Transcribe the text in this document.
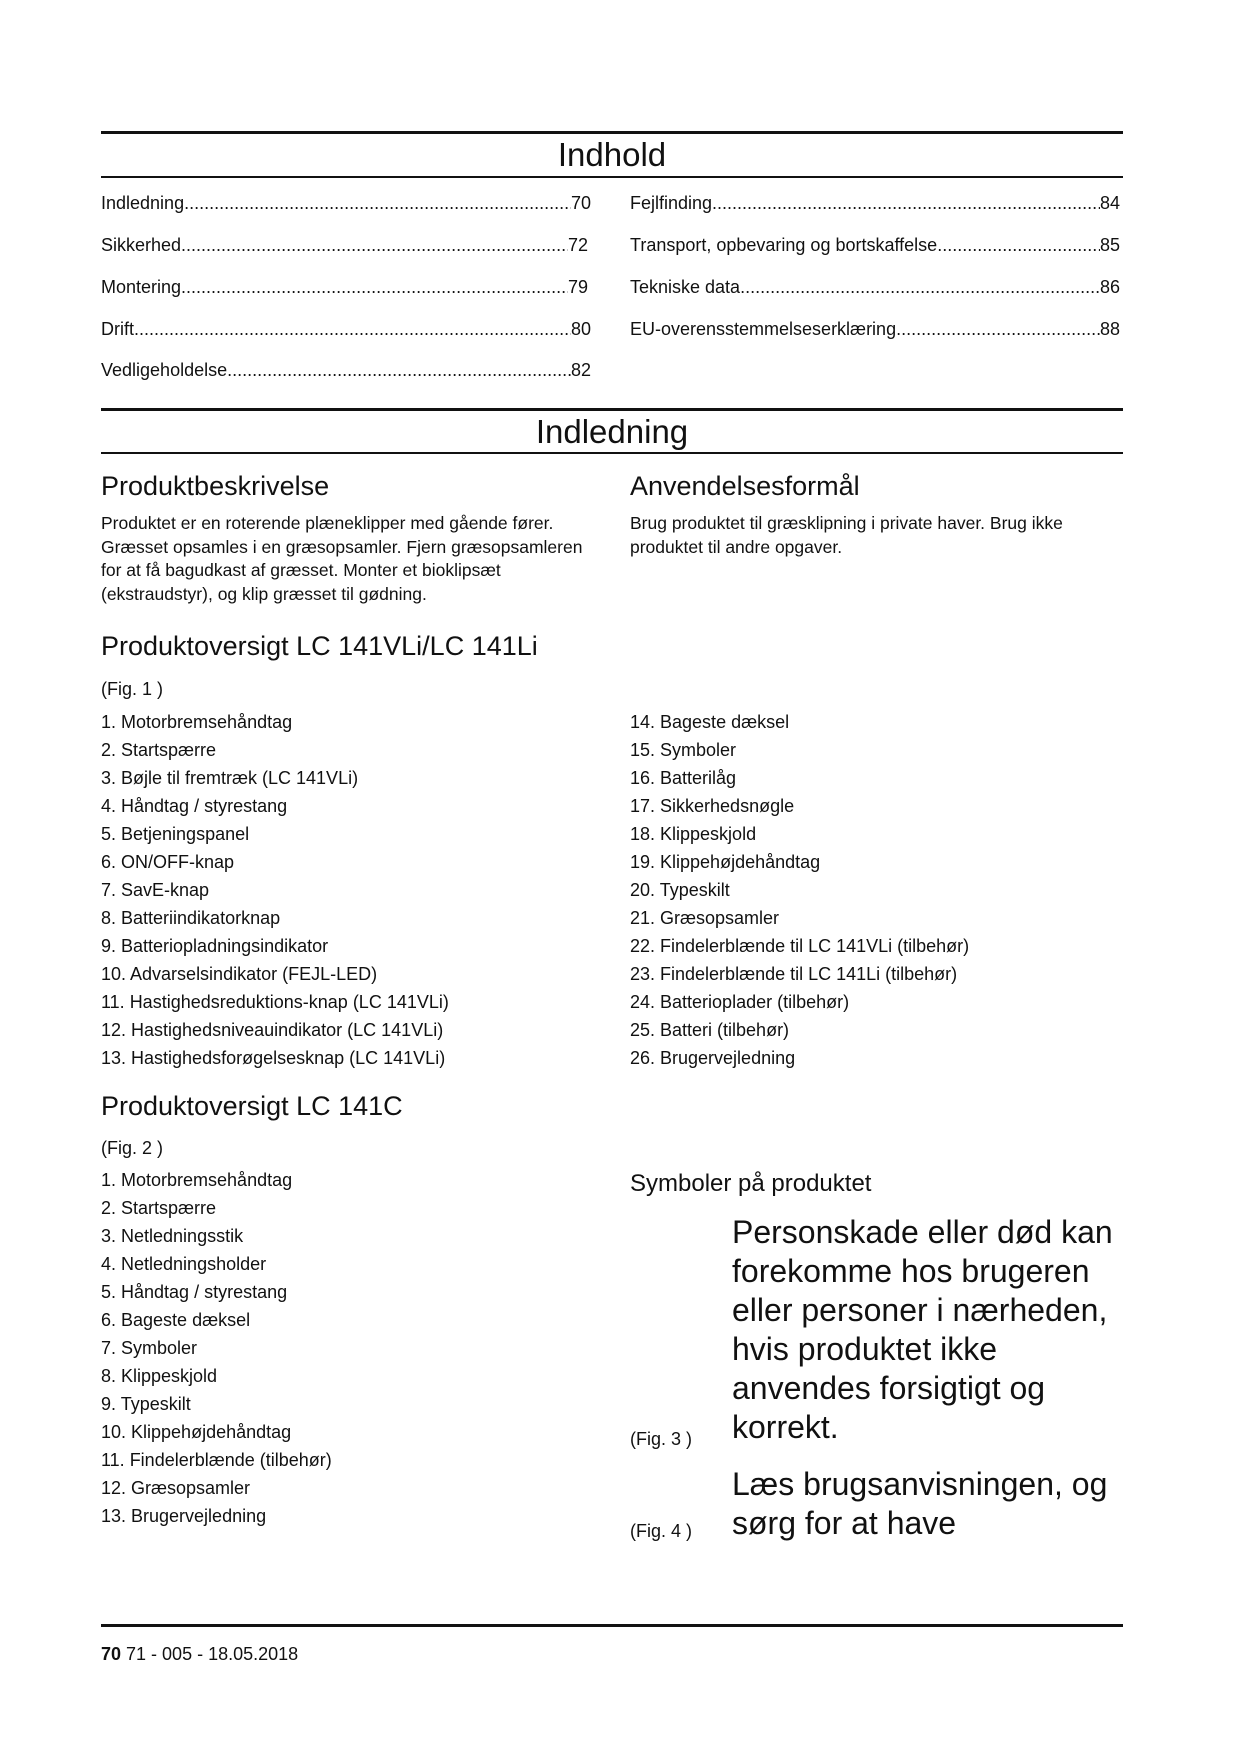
Indhold
Indledning .....	70
Sikkerhed .....	72
Montering .....	79
Drift .....	80
Vedligeholdelse .....	82
Fejlfinding .....	84
Transport, opbevaring og bortskaffelse .....	85
Tekniske data .....	86
EU-overensstemmelseserklæring .....	88
Indledning
Produktbeskrivelse
Produktet er en roterende plæneklipper med gående fører. Græsset opsamles i en græsopsamler. Fjern græsopsamleren for at få bagudkast af græsset. Monter et bioklipsæt (ekstraudstyr), og klip græsset til gødning.
Anvendelsesformål
Brug produktet til græsklipning i private haver. Brug ikke produktet til andre opgaver.
Produktoversigt LC 141VLi/LC 141Li
(Fig. 1 )
1. Motorbremsehåndtag
2. Startspærre
3. Bøjle til fremtræk (LC 141VLi)
4. Håndtag / styrestang
5. Betjeningspanel
6. ON/OFF-knap
7. SavE-knap
8. Batteriindikatorknap
9. Batteriopladningsindikator
10. Advarselsindikator (FEJL-LED)
11. Hastighedsreduktions-knap (LC 141VLi)
12. Hastighedsniveauindikator (LC 141VLi)
13. Hastighedsforøgelsesknap (LC 141VLi)
14. Bageste dæksel
15. Symboler
16. Batterilåg
17. Sikkerhedsnøgle
18. Klippeskjold
19. Klippehøjdehåndtag
20. Typeskilt
21. Græsopsamler
22. Findelerblænde til LC 141VLi (tilbehør)
23. Findelerblænde til LC 141Li (tilbehør)
24. Batterioplader (tilbehør)
25. Batteri (tilbehør)
26. Brugervejledning
Produktoversigt LC 141C
(Fig. 2 )
1. Motorbremsehåndtag
2. Startspærre
3. Netledningsstik
4. Netledningsholder
5. Håndtag / styrestang
6. Bageste dæksel
7. Symboler
8. Klippeskjold
9. Typeskilt
10. Klippehøjdehåndtag
11. Findelerblænde (tilbehør)
12. Græsopsamler
13. Brugervejledning
Symboler på produktet
Personskade eller død kan forekomme hos brugeren eller personer i nærheden, hvis produktet ikke anvendes forsigtigt og korrekt.
(Fig. 3 )
Læs brugsanvisningen, og sørg for at have
(Fig. 4 )
70 71 - 005 - 18.05.2018
